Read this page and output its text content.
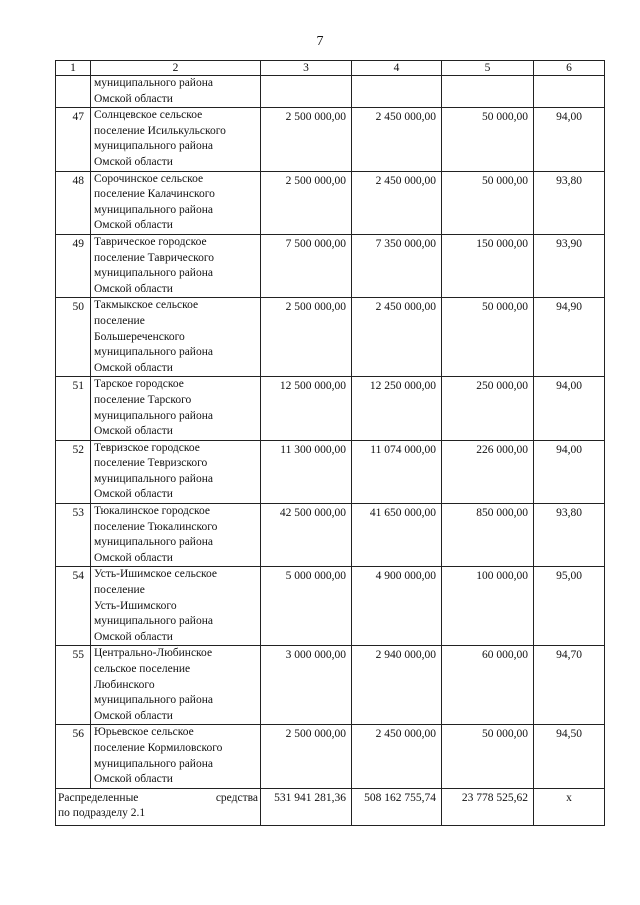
7
1	2	3	4	5	6

	муниципального района
Омской области				

47	Солнцевское сельское
поселение Исилькульского
муниципального района
Омской области	2 500 000,00	2 450 000,00	50 000,00	94,00
48	Сорочинское сельское
поселение Калачинского
муниципального района
Омской области	2 500 000,00	2 450 000,00	50 000,00	93,80
49	Таврическое городское
поселение Таврического
муниципального района
Омской области	7 500 000,00	7 350 000,00	150 000,00	93,90
50	Такмыкское сельское
поселение
Большереченского
муниципального района
Омской области	2 500 000,00	2 450 000,00	50 000,00	94,90
51	Тарское городское
поселение Тарского
муниципального района
Омской области	12 500 000,00	12 250 000,00	250 000,00	94,00
52	Тевризское городское
поселение Тевризского
муниципального района
Омской области	11 300 000,00	11 074 000,00	226 000,00	94,00
53	Тюкалинское городское
поселение Тюкалинского
муниципального района
Омской области	42 500 000,00	41 650 000,00	850 000,00	93,80
54	Усть-Ишимское сельское
поселение
Усть-Ишимского
муниципального района
Омской области	5 000 000,00	4 900 000,00	100 000,00	95,00
55	Центрально-Любинское
сельское поселение
Любинского
муниципального района
Омской области	3 000 000,00	2 940 000,00	60 000,00	94,70
56	Юрьевское сельское
поселение Кормиловского
муниципального района
Омской области	2 500 000,00	2 450 000,00	50 000,00	94,50

Распределенные средства
по подразделу 2.1		531 941 281,36	508 162 755,74	23 778 525,62	x
